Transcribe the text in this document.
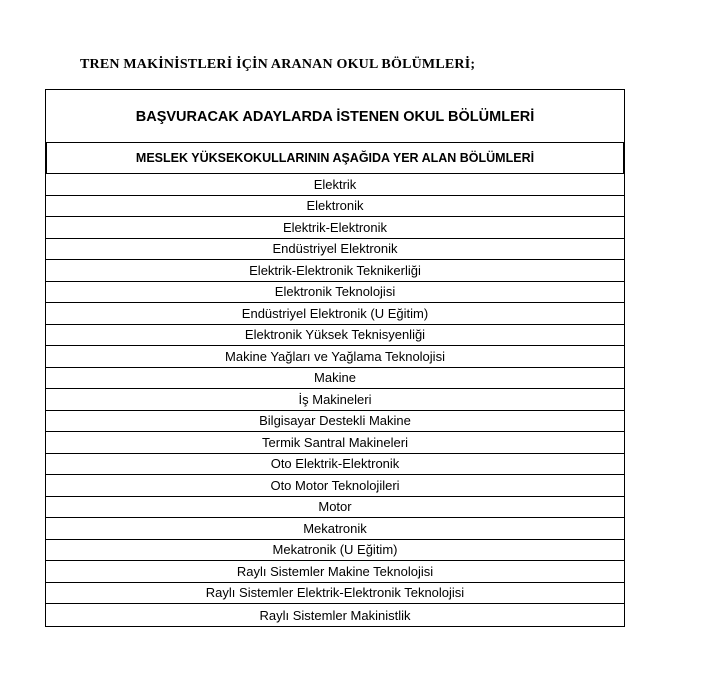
TREN MAKİNİSTLERİ İÇİN ARANAN OKUL BÖLÜMLERİ;
BAŞVURACAK ADAYLARDA İSTENEN OKUL BÖLÜMLERİ
MESLEK YÜKSEKOKULLARININ AŞAĞIDA YER ALAN BÖLÜMLERİ
Elektrik
Elektronik
Elektrik-Elektronik
Endüstriyel Elektronik
Elektrik-Elektronik Teknikerliği
Elektronik Teknolojisi
Endüstriyel Elektronik (U Eğitim)
Elektronik Yüksek Teknisyenliği
Makine Yağları ve Yağlama Teknolojisi
Makine
İş Makineleri
Bilgisayar Destekli Makine
Termik Santral Makineleri
Oto Elektrik-Elektronik
Oto Motor Teknolojileri
Motor
Mekatronik
Mekatronik (U Eğitim)
Raylı Sistemler Makine Teknolojisi
Raylı Sistemler Elektrik-Elektronik Teknolojisi
Raylı Sistemler Makinistlik
